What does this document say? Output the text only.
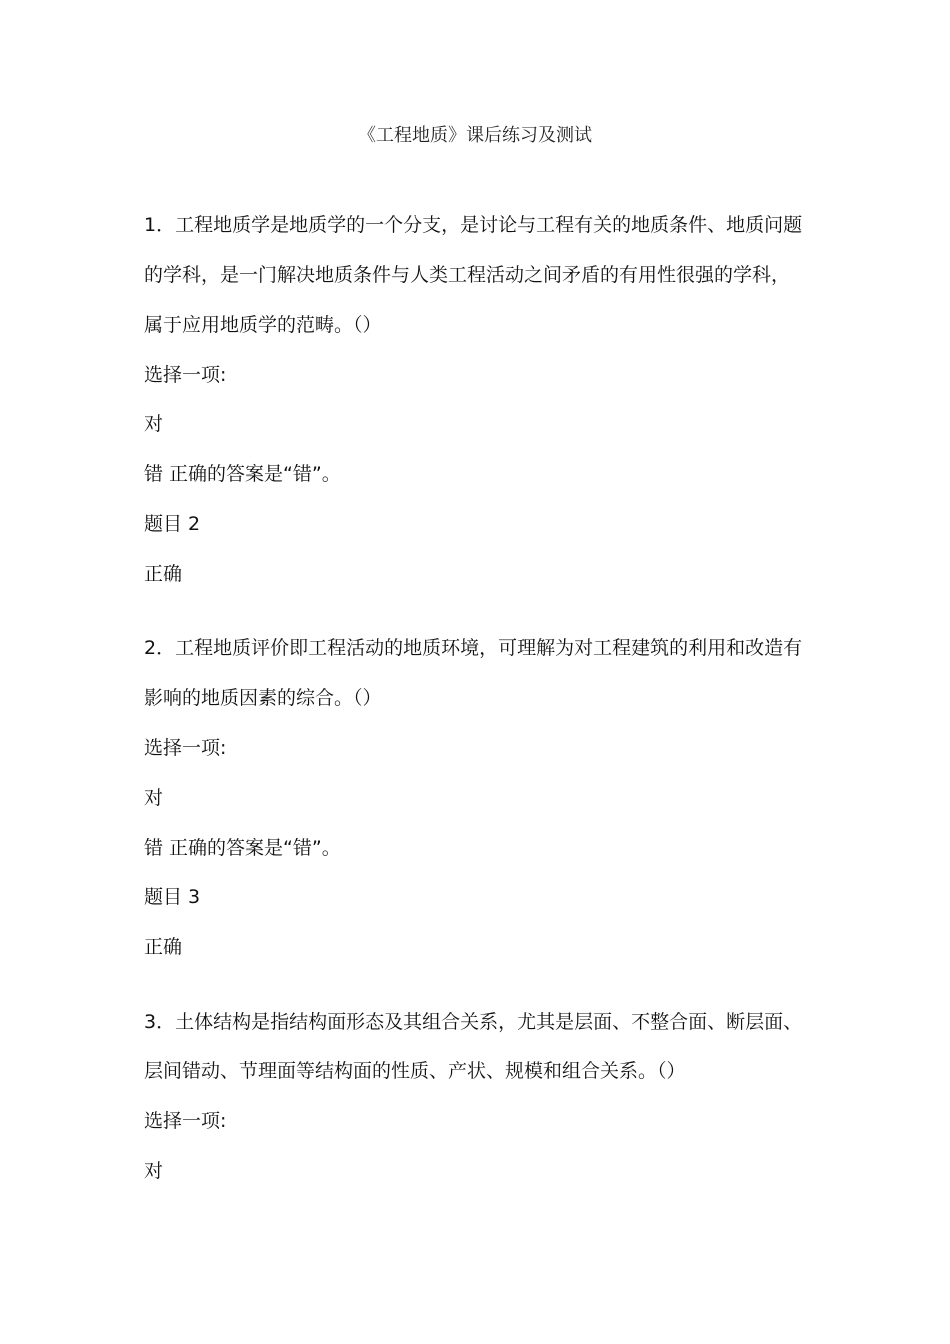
《工程地质》课后练习及测试
1．工程地质学是地质学的一个分支，是讨论与工程有关的地质条件、地质问题
的学科，是一门解决地质条件与人类工程活动之间矛盾的有用性很强的学科，
属于应用地质学的范畴。（）
选择一项:
对
错 正确的答案是“错”。
题目 2
正确
2．工程地质评价即工程活动的地质环境，可理解为对工程建筑的利用和改造有
影响的地质因素的综合。（）
选择一项:
对
错 正确的答案是“错”。
题目 3
正确
3．土体结构是指结构面形态及其组合关系，尤其是层面、不整合面、断层面、
层间错动、节理面等结构面的性质、产状、规模和组合关系。（）
选择一项:
对
